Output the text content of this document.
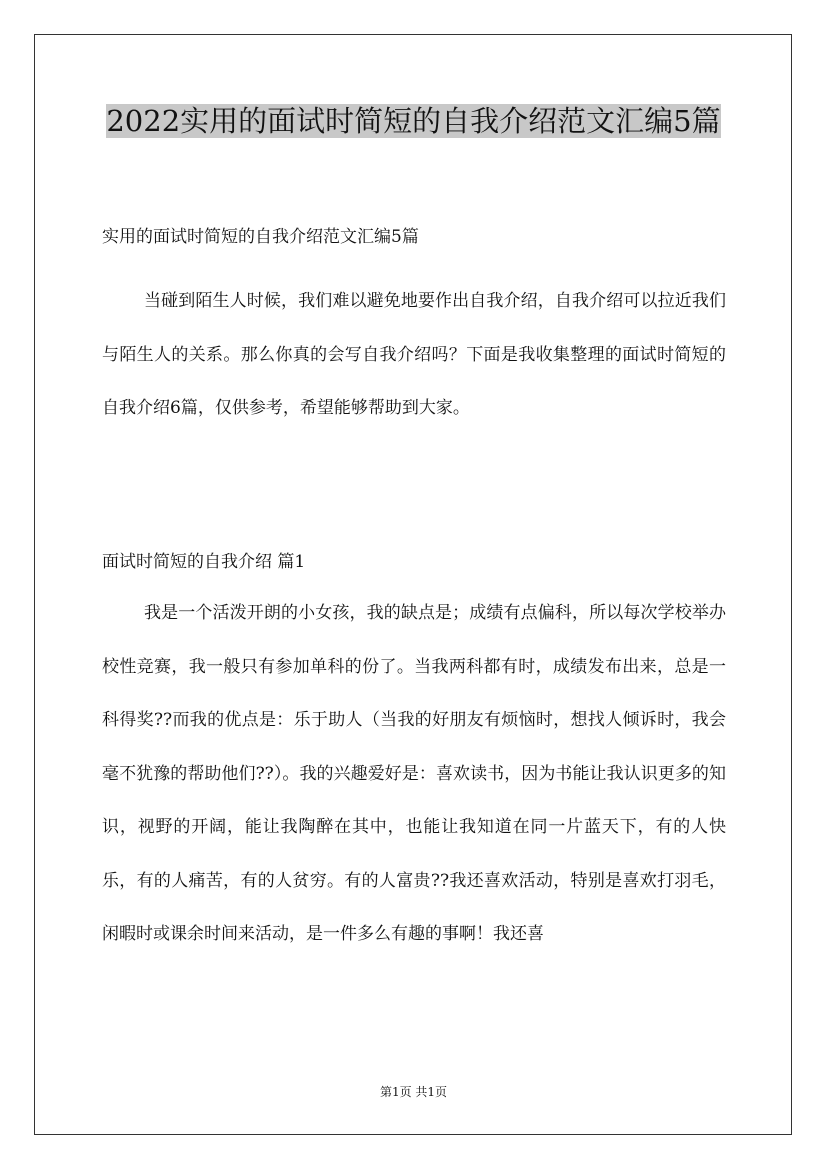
2022实用的面试时简短的自我介绍范文汇编5篇

实用的面试时简短的自我介绍范文汇编5篇

当碰到陌生人时候，我们难以避免地要作出自我介绍，自我介绍可以拉近我们与陌生人的关系。那么你真的会写自我介绍吗？下面是我收集整理的面试时简短的自我介绍6篇，仅供参考，希望能够帮助到大家。

面试时简短的自我介绍 篇1

我是一个活泼开朗的小女孩，我的缺点是；成绩有点偏科，所以每次学校举办校性竞赛，我一般只有参加单科的份了。当我两科都有时，成绩发布出来，总是一科得奖??而我的优点是：乐于助人（当我的好朋友有烦恼时，想找人倾诉时，我会毫不犹豫的帮助他们??）。我的兴趣爱好是：喜欢读书，因为书能让我认识更多的知识，视野的开阔，能让我陶醉在其中，也能让我知道在同一片蓝天下，有的人快乐，有的人痛苦，有的人贫穷。有的人富贵??我还喜欢活动，特别是喜欢打羽毛，闲暇时或课余时间来活动，是一件多么有趣的事啊！我还喜

第1页 共1页
